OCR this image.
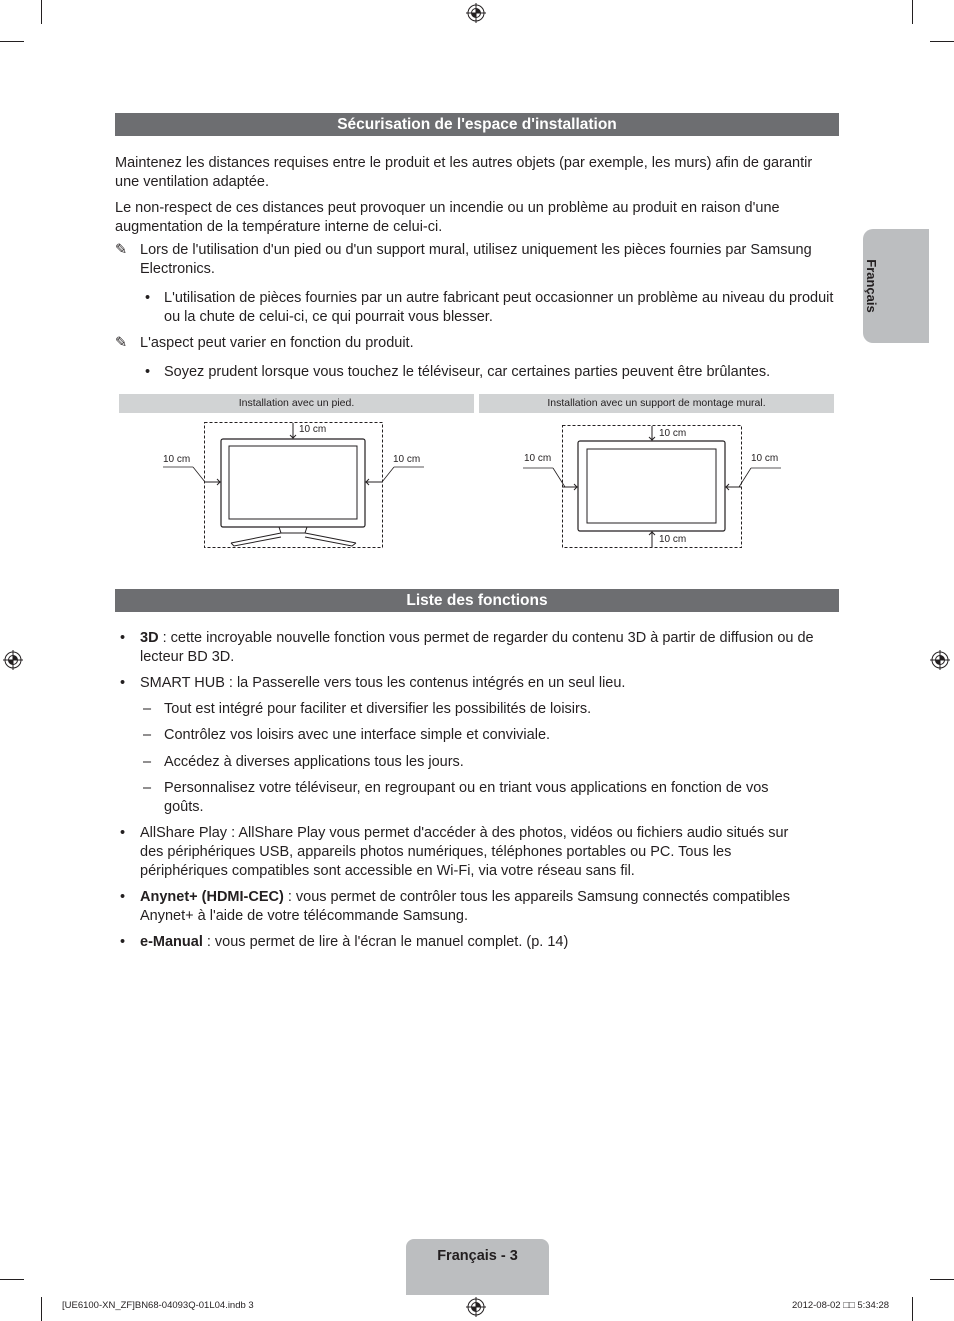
Français
Sécurisation de l'espace d'installation
Maintenez les distances requises entre le produit et les autres objets (par exemple, les murs) afin de garantir une ventilation adaptée.
Le non-respect de ces distances peut provoquer un incendie ou un problème au produit en raison d'une augmentation de la température interne de celui-ci.
✎ Lors de l'utilisation d'un pied ou d'un support mural, utilisez uniquement les pièces fournies par Samsung Electronics.
• L'utilisation de pièces fournies par un autre fabricant peut occasionner un problème au niveau du produit ou la chute de celui-ci, ce qui pourrait vous blesser.
✎ L'aspect peut varier en fonction du produit.
• Soyez prudent lorsque vous touchez le téléviseur, car certaines parties peuvent être brûlantes.
Installation avec un pied.	Installation avec un support de montage mural.
10 cm
10 cm	10 cm
10 cm
10 cm	10 cm
10 cm
Liste des fonctions
• 3D : cette incroyable nouvelle fonction vous permet de regarder du contenu 3D à partir de diffusion ou de lecteur BD 3D.
• SMART HUB : la Passerelle vers tous les contenus intégrés en un seul lieu.
– Tout est intégré pour faciliter et diversifier les possibilités de loisirs.
– Contrôlez vos loisirs avec une interface simple et conviviale.
– Accédez à diverses applications tous les jours.
– Personnalisez votre téléviseur, en regroupant ou en triant vous applications en fonction de vos goûts.
• AllShare Play : AllShare Play vous permet d'accéder à des photos, vidéos ou fichiers audio situés sur des périphériques USB, appareils photos numériques, téléphones portables ou PC. Tous les périphériques compatibles sont accessible en Wi-Fi, via votre réseau sans fil.
• Anynet+ (HDMI-CEC) : vous permet de contrôler tous les appareils Samsung connectés compatibles Anynet+ à l'aide de votre télécommande Samsung.
• e-Manual : vous permet de lire à l'écran le manuel complet. (p. 14)
Français - 3
[UE6100-XN_ZF]BN68-04093Q-01L04.indb 3	2012-08-02 □□ 5:34:28
